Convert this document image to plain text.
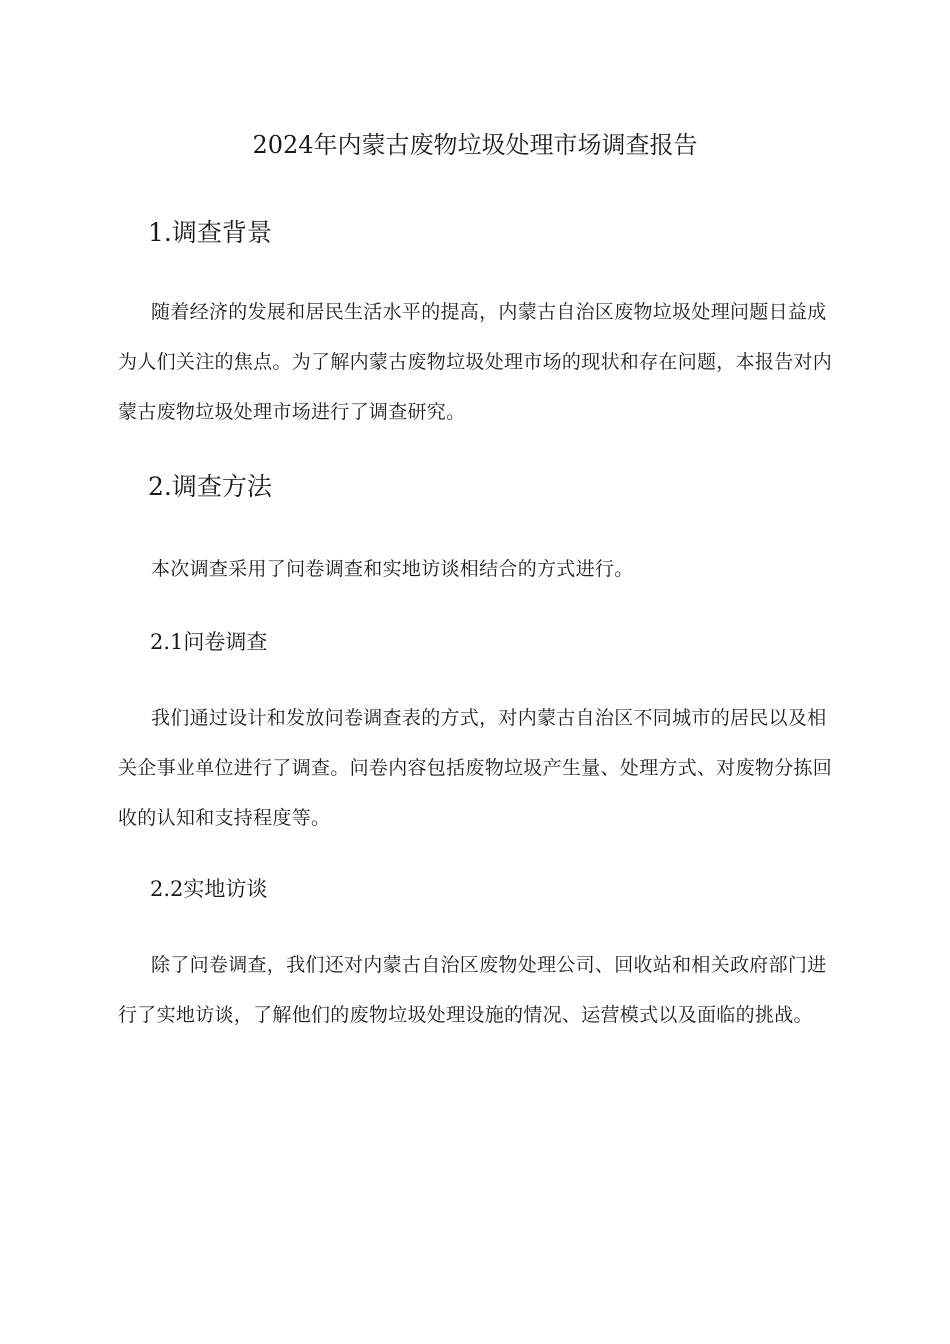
2024年内蒙古废物垃圾处理市场调查报告
1.调查背景

随着经济的发展和居民生活水平的提高，内蒙古自治区废物垃圾处理问题日益成
为人们关注的焦点。为了解内蒙古废物垃圾处理市场的现状和存在问题，本报告对内
蒙古废物垃圾处理市场进行了调查研究。

2.调查方法

本次调查采用了问卷调查和实地访谈相结合的方式进行。

2.1问卷调查

我们通过设计和发放问卷调查表的方式，对内蒙古自治区不同城市的居民以及相
关企事业单位进行了调查。问卷内容包括废物垃圾产生量、处理方式、对废物分拣回
收的认知和支持程度等。

2.2实地访谈

除了问卷调查，我们还对内蒙古自治区废物处理公司、回收站和相关政府部门进
行了实地访谈，了解他们的废物垃圾处理设施的情况、运营模式以及面临的挑战。
